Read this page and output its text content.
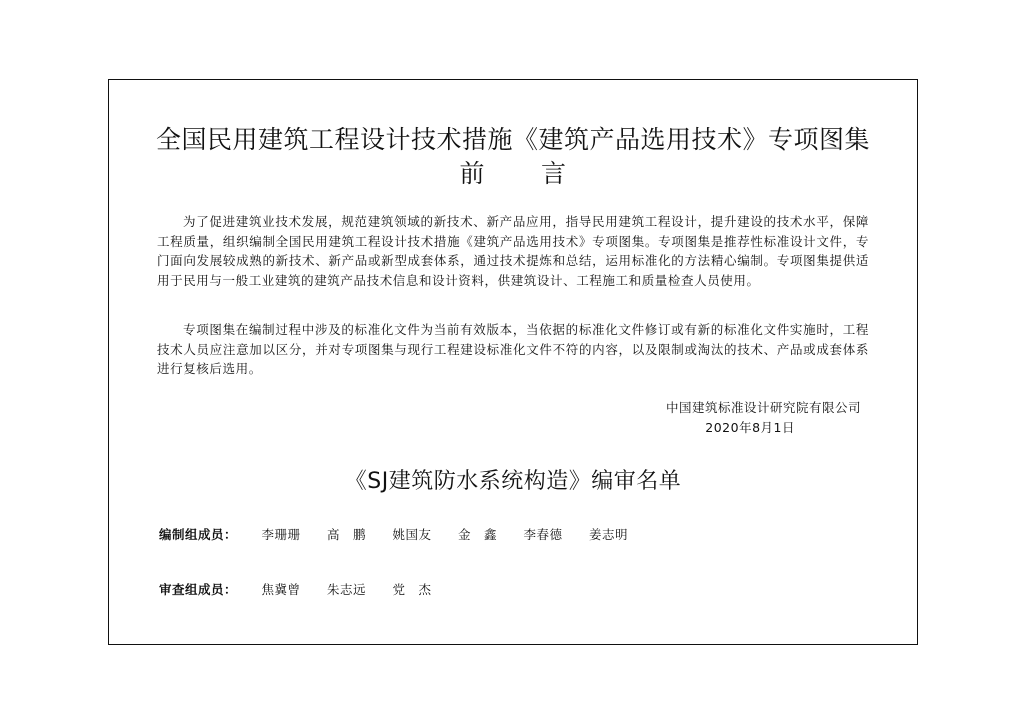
全国民用建筑工程设计技术措施《建筑产品选用技术》专项图集
前 言

为了促进建筑业技术发展，规范建筑领域的新技术、新产品应用，指导民用建筑工程设计，提升建设的技术水平，保障工程质量，组织编制全国民用建筑工程设计技术措施《建筑产品选用技术》专项图集。专项图集是推荐性标准设计文件，专门面向发展较成熟的新技术、新产品或新型成套体系，通过技术提炼和总结，运用标准化的方法精心编制。专项图集提供适用于民用与一般工业建筑的建筑产品技术信息和设计资料，供建筑设计、工程施工和质量检查人员使用。

专项图集在编制过程中涉及的标准化文件为当前有效版本，当依据的标准化文件修订或有新的标准化文件实施时，工程技术人员应注意加以区分，并对专项图集与现行工程建设标准化文件不符的内容，以及限制或淘汰的技术、产品或成套体系进行复核后选用。

中国建筑标准设计研究院有限公司
2020年8月1日
《SJ建筑防水系统构造》编审名单
编制组成员： 李珊珊 高　鹏 姚国友 金　鑫 李春德 姜志明
审查组成员： 焦冀曾 朱志远 党　杰
